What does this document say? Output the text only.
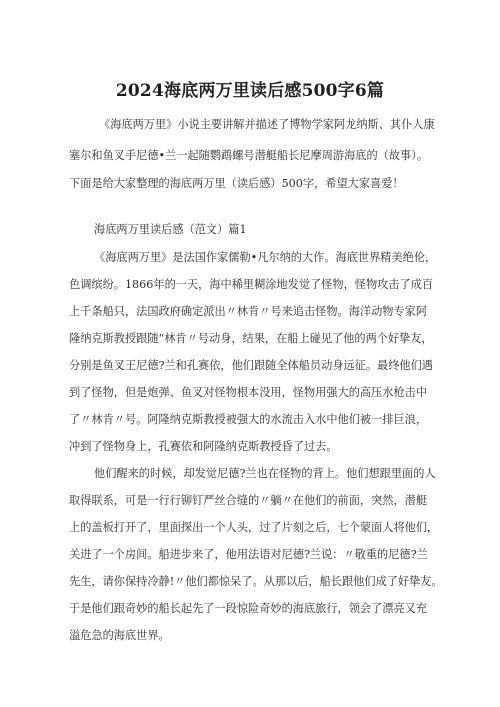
2024海底两万里读后感500字6篇
《海底两万里》小说主要讲解并描述了博物学家阿龙纳斯、其仆人康
塞尔和鱼叉手尼德•兰一起随鹦鹉螺号潜艇船长尼摩周游海底的（故事）。
下面是给大家整理的海底两万里（读后感）500字，希望大家喜爱！
海底两万里读后感（范文）篇1
《海底两万里》是法国作家儒勒•凡尔纳的大作。海底世界精美绝伦，
色调缤纷。1866年的一天，海中稀里糊涂地发觉了怪物，怪物攻击了成百
上千条船只，法国政府确定派出〃林肯〃号来追击怪物。海洋动物专家阿
隆纳克斯教授跟随“林肯〃号动身，结果，在船上碰见了他的两个好挚友，
分别是鱼叉王尼德?兰和孔赛依，他们跟随全体船员动身远征。最终他们遇
到了怪物，但是炮弹、鱼叉对怪物根本没用，怪物用强大的高压水枪击中
了〃林肯〃号。阿隆纳克斯教授被强大的水流击入水中他们被一排巨浪，
冲到了怪物身上，孔赛依和阿隆纳克斯教授昏了过去。
他们醒来的时候，却发觉尼德?兰也在怪物的背上。他们想跟里面的人
取得联系，可是一行行铆钉严丝合缝的〃躺〃在他们的前面，突然，潜艇
上的盖板打开了，里面探出一个人头，过了片刻之后，七个蒙面人将他们，
关进了一个房间。船进步来了，他用法语对尼德?兰说：〃敬重的尼德?兰
先生，请你保持冷静!〃他们都惊呆了。从那以后，船长跟他们成了好挚友。
于是他们跟奇妙的船长起先了一段惊险奇妙的海底旅行，领会了漂亮又充
溢危急的海底世界。
